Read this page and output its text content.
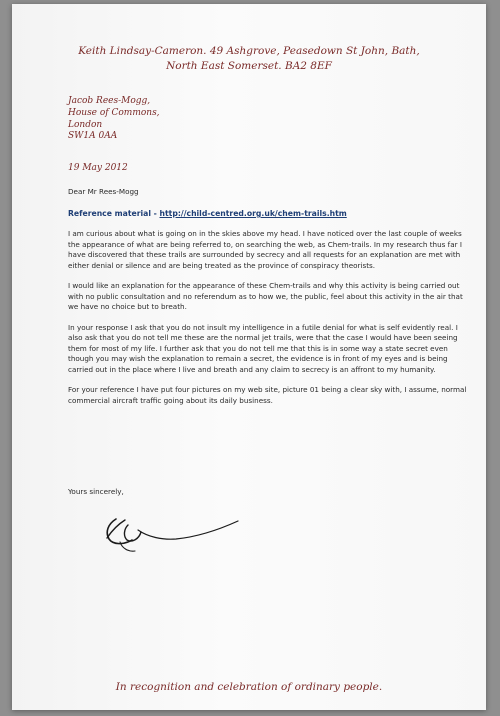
Keith Lindsay-Cameron. 49 Ashgrove, Peasedown St John, Bath,
North East Somerset. BA2 8EF
Jacob Rees-Mogg,
House of Commons,
London
SW1A 0AA
19 May 2012
Dear Mr Rees-Mogg
Reference material - http://child-centred.org.uk/chem-trails.htm

I am curious about what is going on in the skies above my head. I have noticed over the last couple of weeks the appearance of what are being referred to, on searching the web, as Chem-trails. In my research thus far I have discovered that these trails are surrounded by secrecy and all requests for an explanation are met with either denial or silence and are being treated as the province of conspiracy theorists.

I would like an explanation for the appearance of these Chem-trails and why this activity is being carried out with no public consultation and no referendum as to how we, the public, feel about this activity in the air that we have no choice but to breath.

In your response I ask that you do not insult my intelligence in a futile denial for what is self evidently real. I also ask that you do not tell me these are the normal jet trails, were that the case I would have been seeing them for most of my life. I further ask that you do not tell me that this is in some way a state secret even though you may wish the explanation to remain a secret, the evidence is in front of my eyes and is being carried out in the place where I live and breath and any claim to secrecy is an affront to my humanity.

For your reference I have put four pictures on my web site, picture 01 being a clear sky with, I assume, normal commercial aircraft traffic going about its daily business.

Yours sincerely,
In recognition and celebration of ordinary people.
